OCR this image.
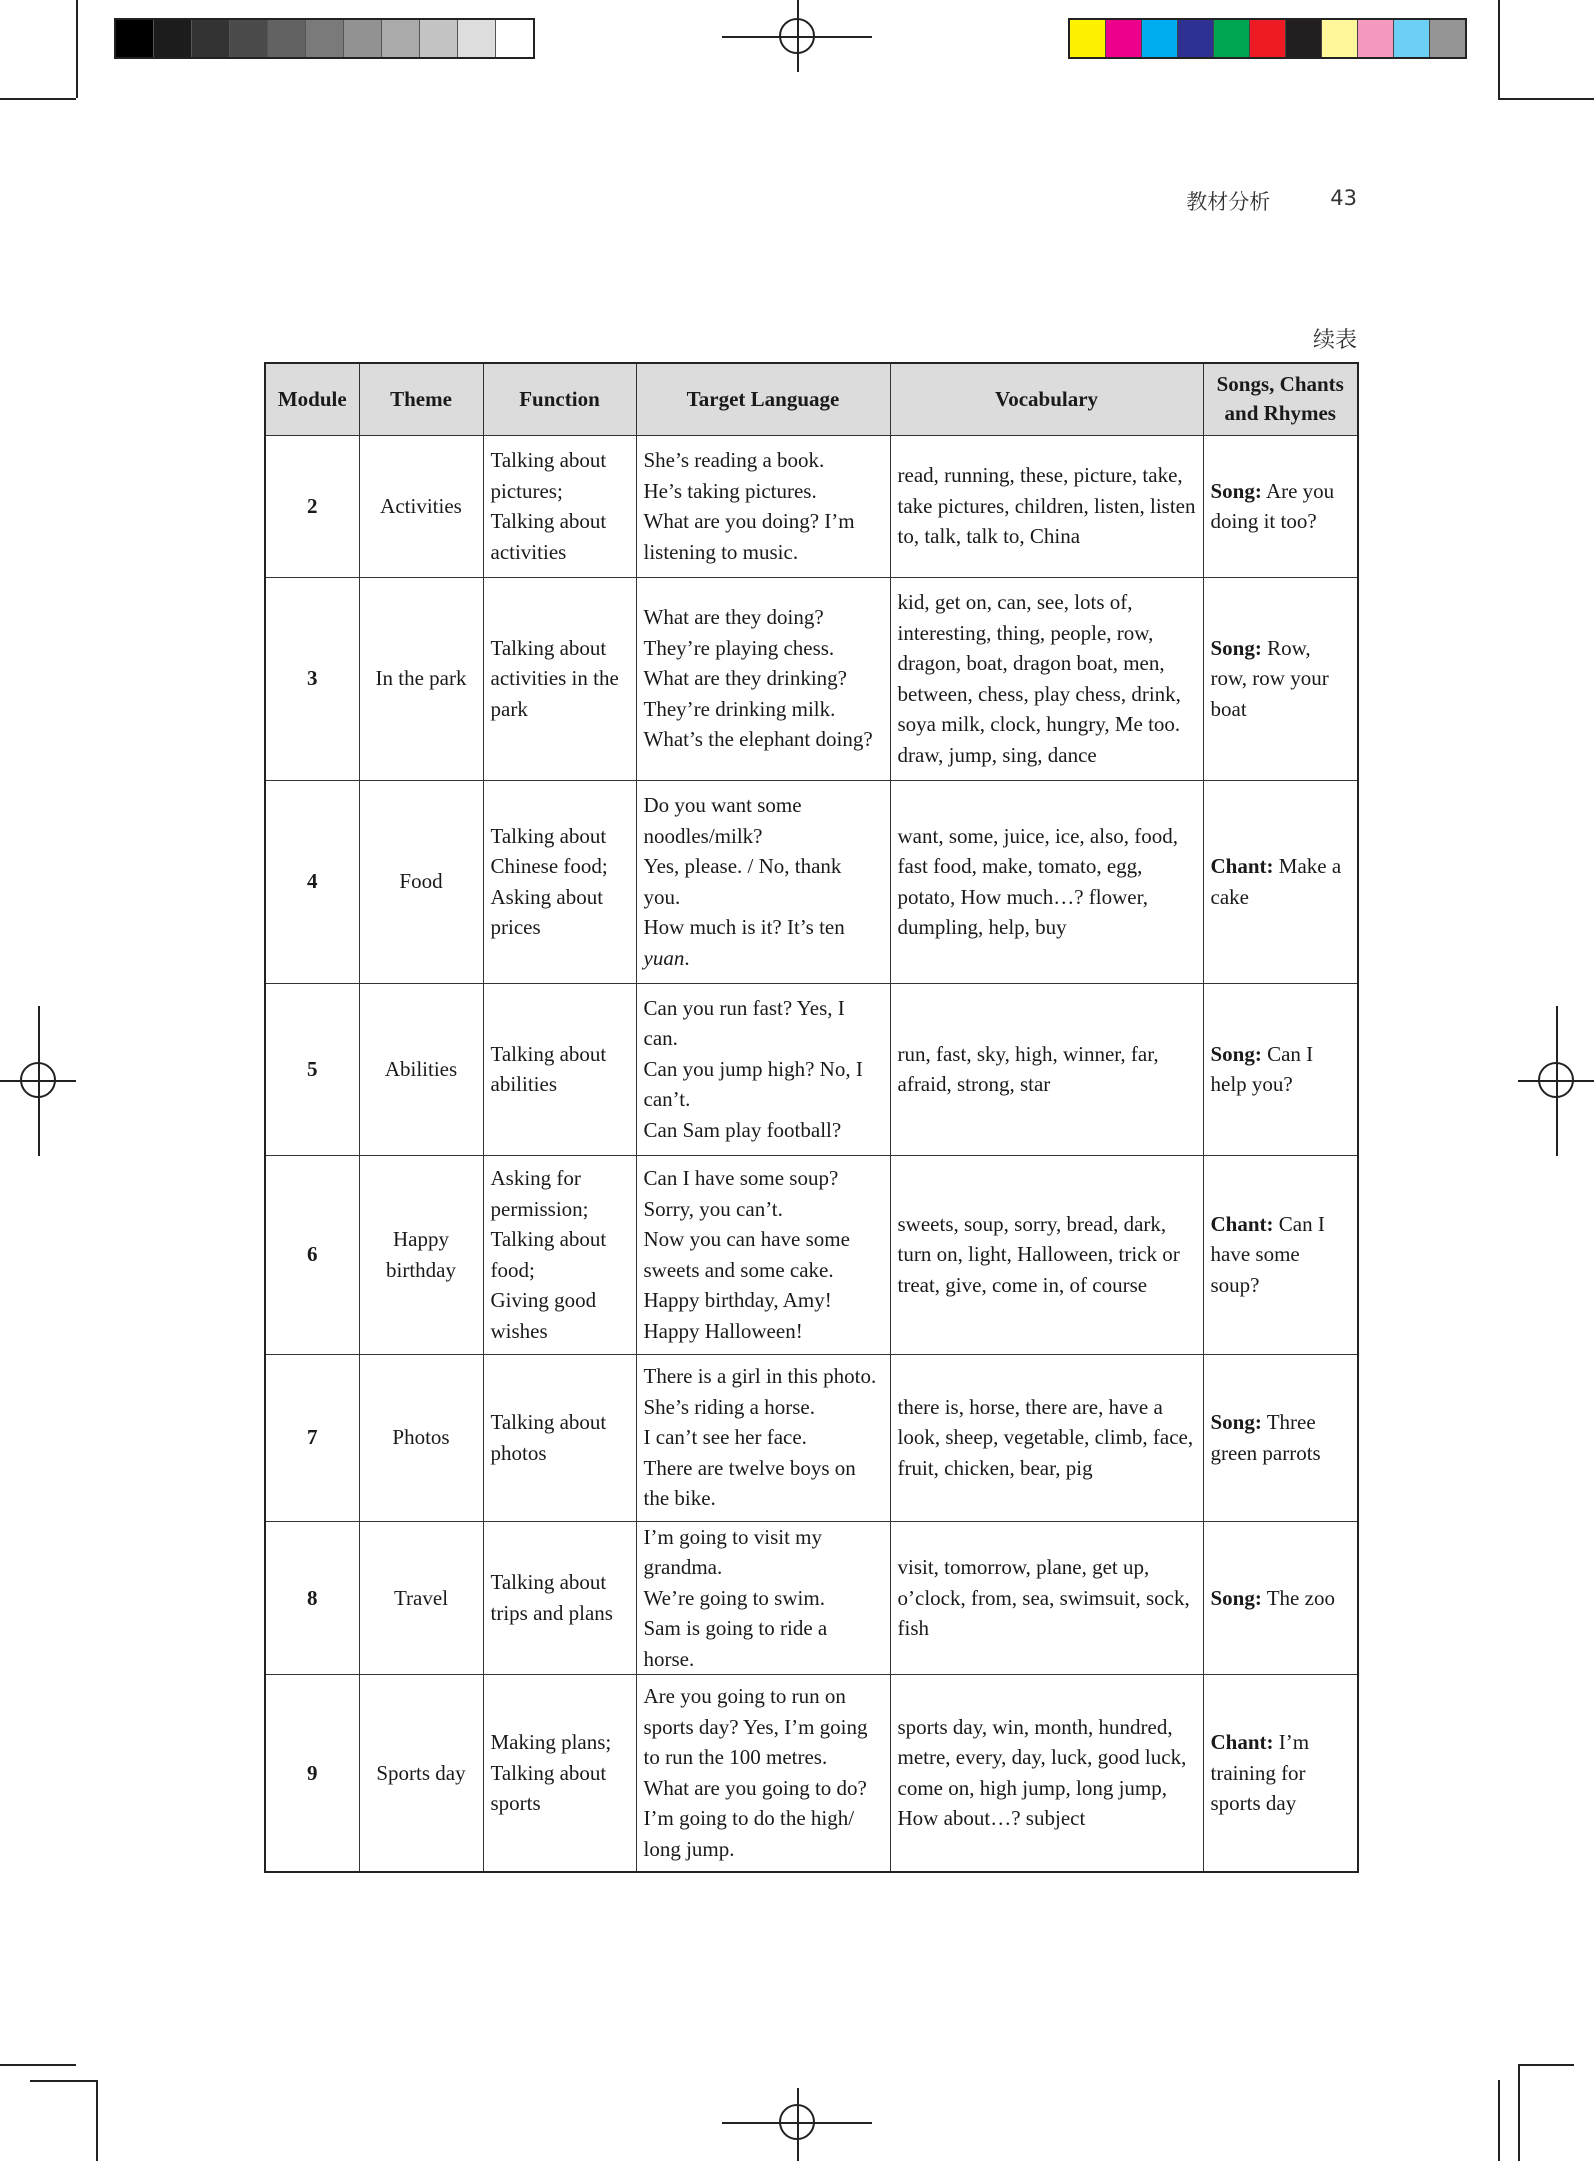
教材分析	43
续表
Module	Theme	Function	Target Language	Vocabulary	Songs, Chants and Rhymes
2	Activities	Talking about pictures;
Talking about activities	She’s reading a book.
He’s taking pictures.
What are you doing? I’m listening to music.	read, running, these, picture, take, take pictures, children, listen, listen to, talk, talk to, China	Song: Are you doing it too?
3	In the park	Talking about activities in the park	What are they doing?
They’re playing chess.
What are they drinking?
They’re drinking milk.
What’s the elephant doing?	kid, get on, can, see, lots of, interesting, thing, people, row, dragon, boat, dragon boat, men, between, chess, play chess, drink, soya milk, clock, hungry, Me too. draw, jump, sing, dance	Song: Row, row, row your boat
4	Food	Talking about Chinese food;
Asking about prices	Do you want some noodles/milk?
Yes, please. / No, thank you.
How much is it? It’s ten
yuan.	want, some, juice, ice, also, food, fast food, make, tomato, egg, potato, How much…? flower, dumpling, help, buy	Chant: Make a cake
5	Abilities	Talking about abilities	Can you run fast? Yes, I can.
Can you jump high? No, I can’t.
Can Sam play football?	run, fast, sky, high, winner, far, afraid, strong, star	Song: Can I help you?
6	Happy birthday	Asking for permission;
Talking about food;
Giving good wishes	Can I have some soup?
Sorry, you can’t.
Now you can have some sweets and some cake.
Happy birthday, Amy!
Happy Halloween!	sweets, soup, sorry, bread, dark, turn on, light, Halloween, trick or treat, give, come in, of course	Chant: Can I have some soup?
7	Photos	Talking about photos	There is a girl in this photo. She’s riding a horse.
I can’t see her face.
There are twelve boys on the bike.	there is, horse, there are, have a look, sheep, vegetable, climb, face, fruit, chicken, bear, pig	Song: Three green parrots
8	Travel	Talking about trips and plans	I’m going to visit my grandma.
We’re going to swim.
Sam is going to ride a horse.	visit, tomorrow, plane, get up, o’clock, from, sea, swimsuit, sock, fish	Song: The zoo
9	Sports day	Making plans;
Talking about sports	Are you going to run on sports day? Yes, I’m going to run the 100 metres.
What are you going to do?
I’m going to do the high/ long jump.	sports day, win, month, hundred, metre, every, day, luck, good luck, come on, high jump, long jump, How about…? subject	Chant: I’m training for sports day
